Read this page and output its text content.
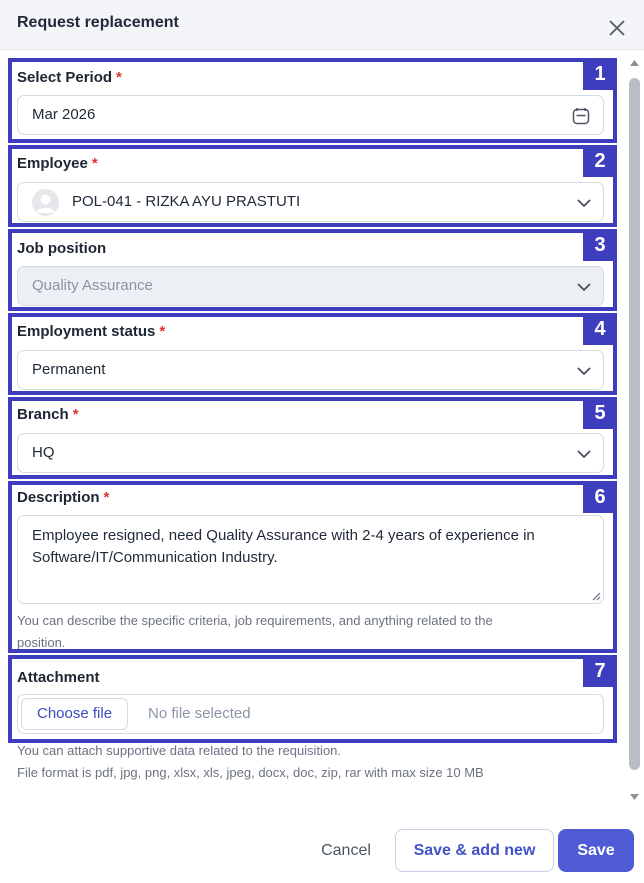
Request replacement
Select Period *
Mar 2026
Employee *
POL-041 - RIZKA AYU PRASTUTI
Job position
Quality Assurance
Employment status *
Permanent
Branch *
HQ
Description *
Employee resigned, need Quality Assurance with 2-4 years of experience in Software/IT/Communication Industry.
You can describe the specific criteria, job requirements, and anything related to the
position.
Attachment
Choose file	No file selected
You can attach supportive data related to the requisition.
File format is pdf, jpg, png, xlsx, xls, jpeg, docx, doc, zip, rar with max size 10 MB
1
2
3
4
5
6
7
Cancel	Save & add new	Save
